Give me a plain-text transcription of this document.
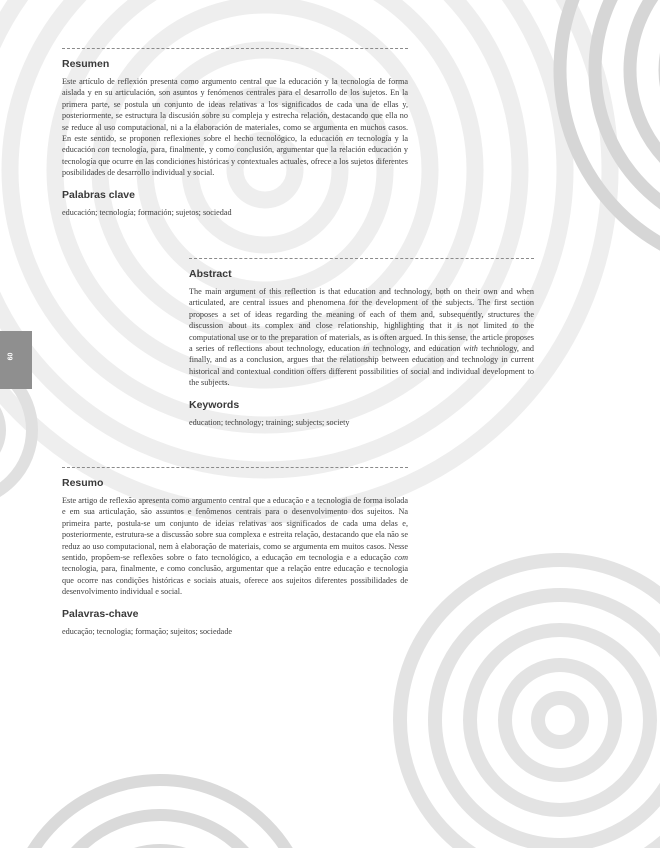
60
Resumen

Este artículo de reflexión presenta como argumento central que la educación y la tecnología de forma aislada y en su articulación, son asuntos y fenómenos centrales para el desarrollo de los sujetos. En la primera parte, se postula un conjunto de ideas relativas a los significados de cada una de ellas y, posteriormente, se estructura la discusión sobre su compleja y estrecha relación, destacando que ella no se reduce al uso computacional, ni a la elaboración de materiales, como se argumenta en muchos casos. En este sentido, se proponen reflexiones sobre el hecho tecnológico, la educación en tecnología y la educación con tecnología, para, finalmente, y como conclusión, argumentar que la relación educación y tecnología que ocurre en las condiciones históricas y contextuales actuales, ofrece a los sujetos diferentes posibilidades de desarrollo individual y social.

Palabras clave

educación; tecnología; formación; sujetos; sociedad

Abstract

The main argument of this reflection is that education and technology, both on their own and when articulated, are central issues and phenomena for the development of the subjects. The first section proposes a set of ideas regarding the meaning of each of them and, subsequently, structures the discussion about its complex and close relationship, highlighting that it is not limited to the computational use or to the preparation of materials, as is often argued. In this sense, the article proposes a series of reflections about technology, education in technology, and education with technology, and finally, and as a conclusion, argues that the relationship between education and technology in current historical and contextual condition offers different possibilities of social and individual development to the subjects.

Keywords

education; technology; training; subjects; society

Resumo

Este artigo de reflexão apresenta como argumento central que a educação e a tecnologia de forma isolada e em sua articulação, são assuntos e fenômenos centrais para o desenvolvimento dos sujeitos. Na primeira parte, postula-se um conjunto de ideias relativas aos significados de cada uma delas e, posteriormente, estrutura-se a discussão sobre sua complexa e estreita relação, destacando que ela não se reduz ao uso computacional, nem à elaboração de materiais, como se argumenta em muitos casos. Nesse sentido, propõem-se reflexões sobre o fato tecnológico, a educação em tecnologia e a educação com tecnologia, para, finalmente, e como conclusão, argumentar que a relação entre educação e tecnologia que ocorre nas condições históricas e sociais atuais, oferece aos sujeitos diferentes possibilidades de desenvolvimento individual e social.

Palavras-chave

educação; tecnologia; formação; sujeitos; sociedade
